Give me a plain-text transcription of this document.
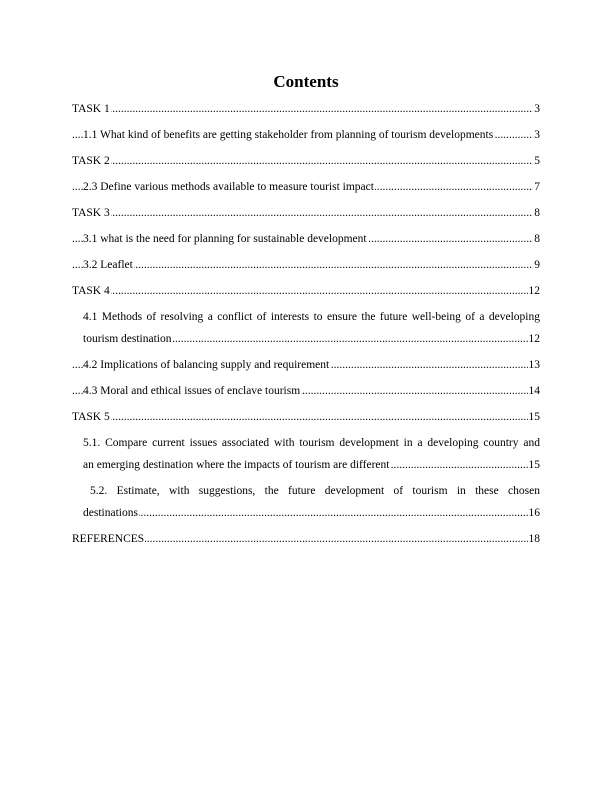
Contents
.....
TASK 1	3
.....
1.1 What kind of benefits are getting stakeholder from planning of tourism developments	3
.....
TASK 2	5
.....
2.3 Define various methods available to measure tourist impact	7
.....
TASK 3	8
.....
3.1 what is the need for planning for sustainable development	8
.....
3.2 Leaflet	9
.....
TASK 4	12
4.1 Methods of resolving a conflict of interests to ensure the future well-being of a developing
.....
tourism destination	12
.....
4.2 Implications of balancing supply and requirement	13
.....
4.3 Moral and ethical issues of enclave tourism	14
.....
TASK 5	15
5.1. Compare current issues associated with tourism development in a developing country and
.....
an emerging destination where the impacts of tourism are different	15
5.2. Estimate, with suggestions, the future development of tourism in these chosen
.....
destinations	16
.....
REFERENCES	18
